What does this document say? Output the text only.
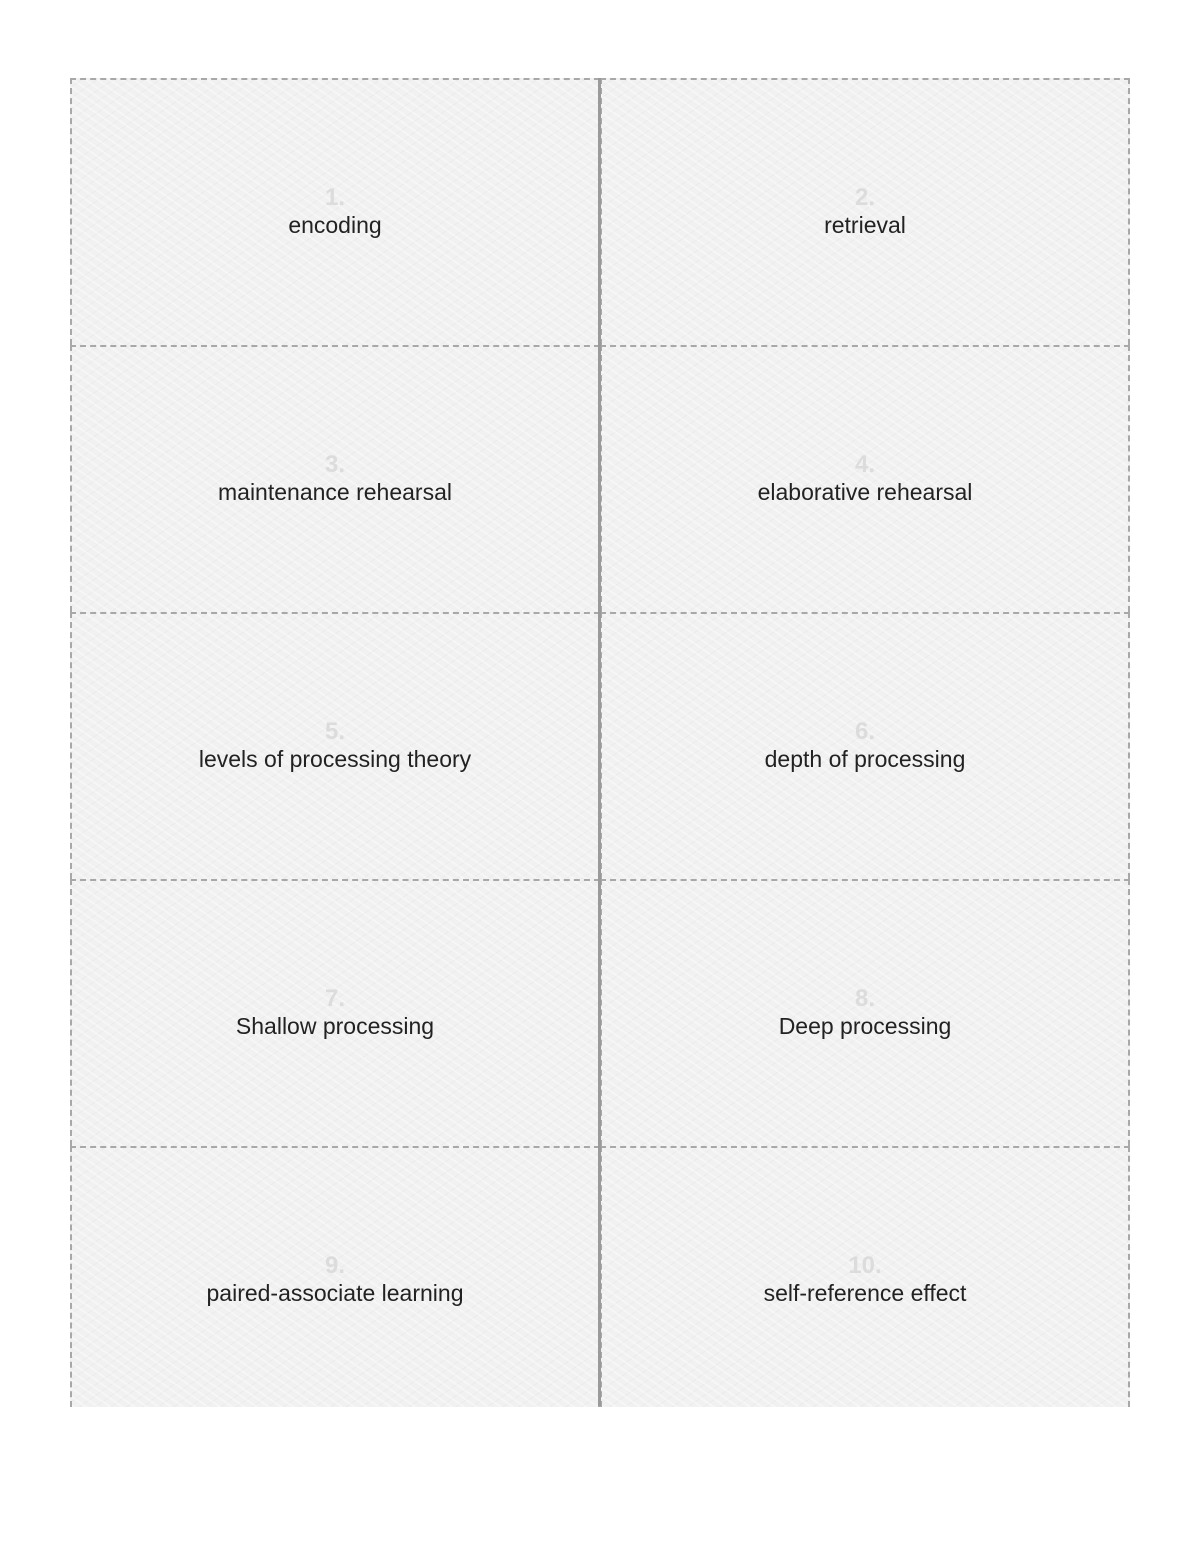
1.
encoding
2.
retrieval
3.
maintenance rehearsal
4.
elaborative rehearsal
5.
levels of processing theory
6.
depth of processing
7.
Shallow processing
8.
Deep processing
9.
paired-associate learning
10.
self-reference effect
